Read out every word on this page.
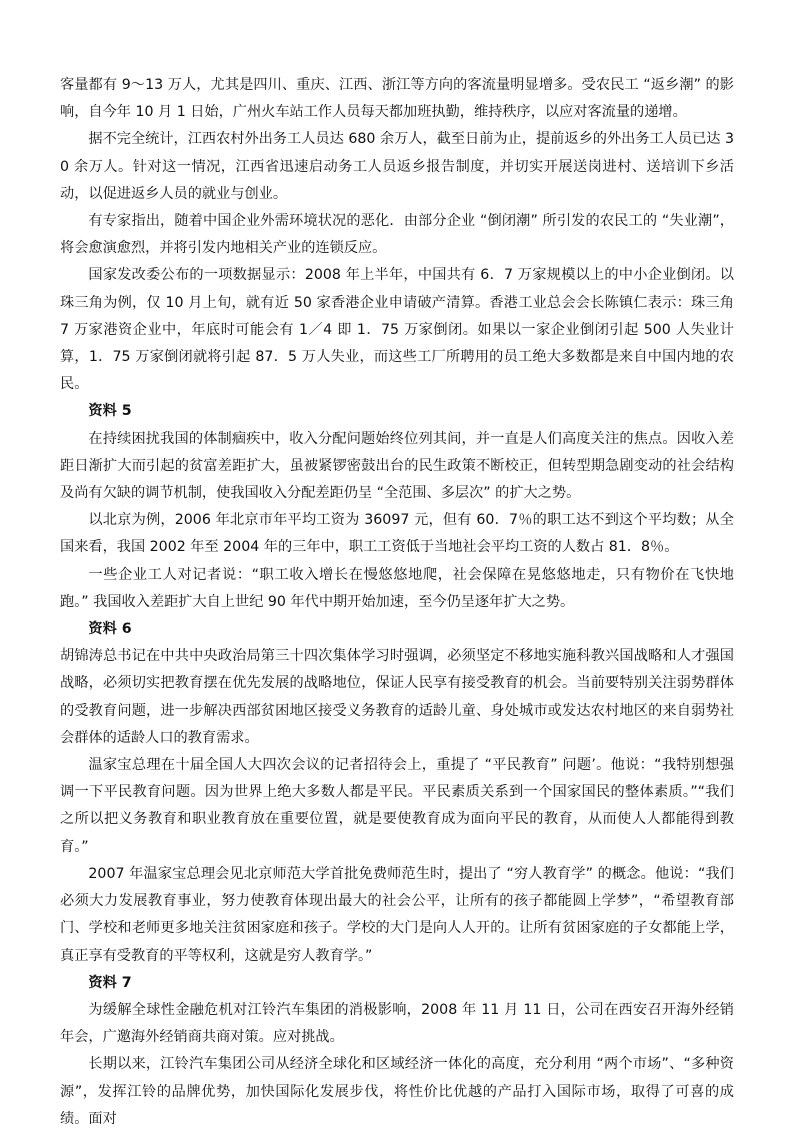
客量都有 9～13 万人，尤其是四川、重庆、江西、浙江等方向的客流量明显增多。受农民工 “返乡潮” 的影响，自今年 10 月 1 日始，广州火车站工作人员每天都加班执勤，维持秩序，以应对客流量的递增。

据不完全统计，江西农村外出务工人员达 680 余万人，截至日前为止，提前返乡的外出务工人员已达 30 余万人。针对这一情况，江西省迅速启动务工人员返乡报告制度，并切实开展送岗进村、送培训下乡活动，以促进返乡人员的就业与创业。

有专家指出，随着中国企业外需环境状况的恶化．由部分企业 “倒闭潮” 所引发的农民工的 “失业潮”，将会愈演愈烈，并将引发内地相关产业的连锁反应。

国家发改委公布的一项数据显示：2008 年上半年，中国共有 6．7 万家规模以上的中小企业倒闭。以珠三角为例，仅 10 月上旬，就有近 50 家香港企业申请破产清算。香港工业总会会长陈镇仁表示：珠三角 7 万家港资企业中，年底时可能会有 1／4 即 1．75 万家倒闭。如果以一家企业倒闭引起 500 人失业计算，1．75 万家倒闭就将引起 87．5 万人失业，而这些工厂所聘用的员工绝大多数都是来自中国内地的农民。

资料 5

在持续困扰我国的体制痼疾中，收入分配问题始终位列其间，并一直是人们高度关注的焦点。因收入差距日渐扩大而引起的贫富差距扩大，虽被紧锣密鼓出台的民生政策不断校正，但转型期急剧变动的社会结构及尚有欠缺的调节机制，使我国收入分配差距仍呈 “全范围、多层次” 的扩大之势。

以北京为例，2006 年北京市年平均工资为 36097 元，但有 60．7％的职工达不到这个平均数；从全国来看，我国 2002 年至 2004 年的三年中，职工工资低于当地社会平均工资的人数占 81．8％。

一些企业工人对记者说：“职工收入增长在慢悠悠地爬，社会保障在晃悠悠地走，只有物价在飞快地跑。” 我国收入差距扩大自上世纪 90 年代中期开始加速，至今仍呈逐年扩大之势。

资料 6

胡锦涛总书记在中共中央政治局第三十四次集体学习时强调，必须坚定不移地实施科教兴国战略和人才强国战略，必须切实把教育摆在优先发展的战略地位，保证人民享有接受教育的机会。当前要特别关注弱势群体的受教育问题，进一步解决西部贫困地区接受义务教育的适龄儿童、身处城市或发达农村地区的来自弱势社会群体的适龄人口的教育需求。

温家宝总理在十届全国人大四次会议的记者招待会上，重提了 “平民教育” 问题’。他说：“我特别想强调一下平民教育问题。因为世界上绝大多数人都是平民。平民素质关系到一个国家国民的整体素质。”“我们之所以把义务教育和职业教育放在重要位置，就是要使教育成为面向平民的教育，从而使人人都能得到教育。”

2007 年温家宝总理会见北京师范大学首批免费师范生时，提出了 “穷人教育学” 的概念。他说：“我们必须大力发展教育事业，努力使教育体现出最大的社会公平，让所有的孩子都能圆上学梦”，“希望教育部门、学校和老师更多地关注贫困家庭和孩子。学校的大门是向人人开的。让所有贫困家庭的子女都能上学，真正享有受教育的平等权利，这就是穷人教育学。”

资料 7

为缓解全球性金融危机对江铃汽车集团的消极影响，2008 年 11 月 11 日，公司在西安召开海外经销年会，广邀海外经销商共商对策。应对挑战。

长期以来，江铃汽车集团公司从经济全球化和区域经济一体化的高度，充分利用 “两个市场”、“多种资源”，发挥江铃的品牌优势，加快国际化发展步伐，将性价比优越的产品打入国际市场，取得了可喜的成绩。面对
